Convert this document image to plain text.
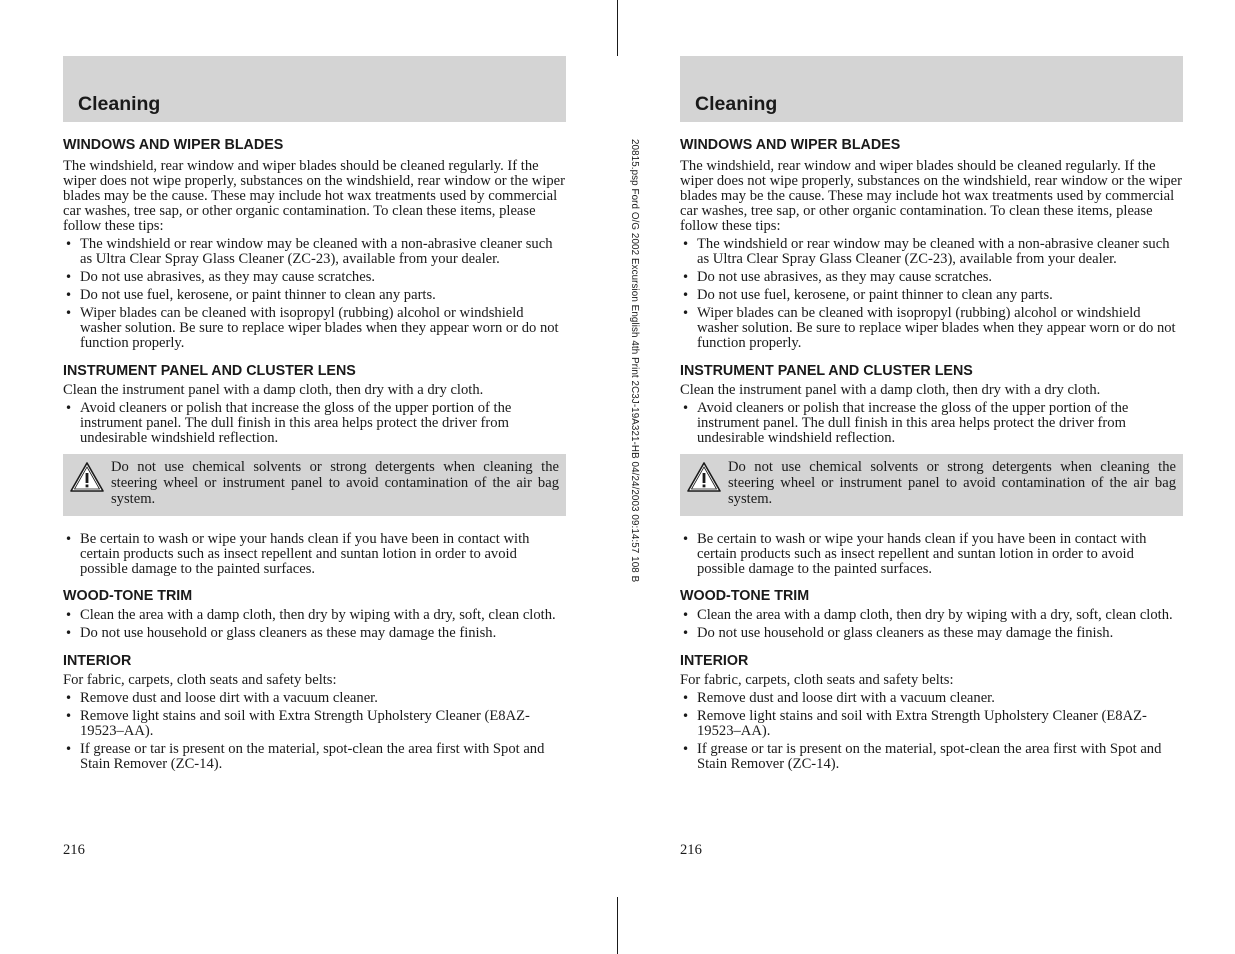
20815.psp Ford O/G 2002 Excursion English 4th Print 2C3J-19A321-HB 04/24/2003 09:14:57 108 B
Cleaning
WINDOWS AND WIPER BLADES

The windshield, rear window and wiper blades should be cleaned regularly. If the wiper does not wipe properly, substances on the windshield, rear window or the wiper blades may be the cause. These may include hot wax treatments used by commercial car washes, tree sap, or other organic contamination. To clean these items, please follow these tips:

• The windshield or rear window may be cleaned with a non-abrasive cleaner such as Ultra Clear Spray Glass Cleaner (ZC-23), available from your dealer.
• Do not use abrasives, as they may cause scratches.
• Do not use fuel, kerosene, or paint thinner to clean any parts.
• Wiper blades can be cleaned with isopropyl (rubbing) alcohol or windshield washer solution. Be sure to replace wiper blades when they appear worn or do not function properly.
INSTRUMENT PANEL AND CLUSTER LENS

Clean the instrument panel with a damp cloth, then dry with a dry cloth.

• Avoid cleaners or polish that increase the gloss of the upper portion of the instrument panel. The dull finish in this area helps protect the driver from undesirable windshield reflection.
Do not use chemical solvents or strong detergents when cleaning the steering wheel or instrument panel to avoid contamination of the air bag system.
• Be certain to wash or wipe your hands clean if you have been in contact with certain products such as insect repellent and suntan lotion in order to avoid possible damage to the painted surfaces.
WOOD-TONE TRIM
• Clean the area with a damp cloth, then dry by wiping with a dry, soft, clean cloth.
• Do not use household or glass cleaners as these may damage the finish.
INTERIOR

For fabric, carpets, cloth seats and safety belts:

• Remove dust and loose dirt with a vacuum cleaner.
• Remove light stains and soil with Extra Strength Upholstery Cleaner (E8AZ-19523–AA).
• If grease or tar is present on the material, spot-clean the area first with Spot and Stain Remover (ZC-14).
216
Cleaning
WINDOWS AND WIPER BLADES

The windshield, rear window and wiper blades should be cleaned regularly. If the wiper does not wipe properly, substances on the windshield, rear window or the wiper blades may be the cause. These may include hot wax treatments used by commercial car washes, tree sap, or other organic contamination. To clean these items, please follow these tips:

• The windshield or rear window may be cleaned with a non-abrasive cleaner such as Ultra Clear Spray Glass Cleaner (ZC-23), available from your dealer.
• Do not use abrasives, as they may cause scratches.
• Do not use fuel, kerosene, or paint thinner to clean any parts.
• Wiper blades can be cleaned with isopropyl (rubbing) alcohol or windshield washer solution. Be sure to replace wiper blades when they appear worn or do not function properly.
INSTRUMENT PANEL AND CLUSTER LENS

Clean the instrument panel with a damp cloth, then dry with a dry cloth.

• Avoid cleaners or polish that increase the gloss of the upper portion of the instrument panel. The dull finish in this area helps protect the driver from undesirable windshield reflection.
Do not use chemical solvents or strong detergents when cleaning the steering wheel or instrument panel to avoid contamination of the air bag system.
• Be certain to wash or wipe your hands clean if you have been in contact with certain products such as insect repellent and suntan lotion in order to avoid possible damage to the painted surfaces.
WOOD-TONE TRIM
• Clean the area with a damp cloth, then dry by wiping with a dry, soft, clean cloth.
• Do not use household or glass cleaners as these may damage the finish.
INTERIOR

For fabric, carpets, cloth seats and safety belts:

• Remove dust and loose dirt with a vacuum cleaner.
• Remove light stains and soil with Extra Strength Upholstery Cleaner (E8AZ-19523–AA).
• If grease or tar is present on the material, spot-clean the area first with Spot and Stain Remover (ZC-14).
216
